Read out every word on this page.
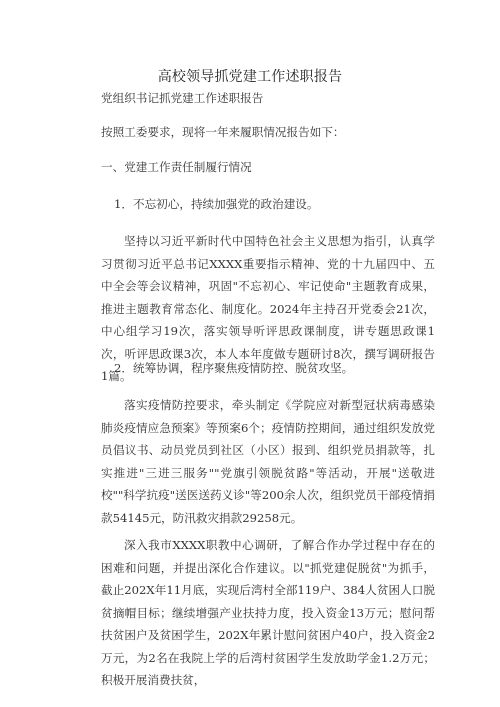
高校领导抓党建工作述职报告
党组织书记抓党建工作述职报告
按照工委要求，现将一年来履职情况报告如下：
一、党建工作责任制履行情况
1．不忘初心，持续加强党的政治建设。
坚持以习近平新时代中国特色社会主义思想为指引，认真学习贯彻习近平总书记XXXX重要指示精神、党的十九届四中、五中全会等会议精神，巩固"不忘初心、牢记使命"主题教育成果，推进主题教育常态化、制度化。2024年主持召开党委会21次，中心组学习19次，落实领导听评思政课制度，讲专题思政课1次，听评思政课3次，本人本年度做专题研讨8次，撰写调研报告1篇。
2．统筹协调，程序聚焦疫情防控、脱贫攻坚。
落实疫情防控要求，牵头制定《学院应对新型冠状病毒感染肺炎疫情应急预案》等预案6个；疫情防控期间，通过组织发放党员倡议书、动员党员到社区（小区）报到、组织党员捐款等，扎实推进"三进三服务""党旗引领脱贫路"等活动，开展"送敬进校""科学抗疫"送医送药义诊"等200余人次，组织党员干部疫情捐款54145元，防汛救灾捐款29258元。
深入我市XXXX职教中心调研，了解合作办学过程中存在的困难和问题，并提出深化合作建议。以"抓党建促脱贫"为抓手，截止202X年11月底，实现后湾村全部119户、384人贫困人口脱贫摘帽目标；继续增强产业扶持力度，投入资金13万元；慰问帮扶贫困户及贫困学生，202X年累计慰问贫困户40户，投入资金2万元，为2名在我院上学的后湾村贫困学生发放助学金1.2万元；积极开展消费扶贫，
